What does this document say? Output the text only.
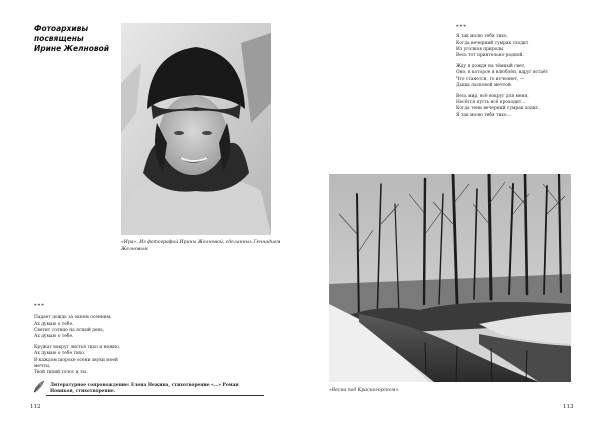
Фотоархивы
посвящены
Ирине Желновой
«Ира». Из фотографий Ирины Желновой, сделанных Геннадием Желновым
***

Падает дождь за окном осенним,
Ах думаю о тебе.
Светит солнце на ясный день,
Ах думаю о тебе.

Кружат вокруг листья тихо и нежно,
Ах думаю о тебе тихо.
В каждом шорохе осени звуки моей мечты,
Твой тихий голос и ты.

Литературное сопровождение: Елена Нежина, стихотворение «…» Роман Новиков, стихотворение.
112
***

Я так молю тебя тихо,
Когда вечерний сумрак сходит
Из уголков природы
Весь тот приятельно-родной.

Жду я дождя на тёмный свет,
Оно, в которое я влюблён, вдруг встаёт
Что станется, то исчезнет, —
Дыша ласковой мечтой.

Весь мир, всё вокруг для меня,
Несётся пусть всё проходит...
Когда тени вечерний сумрак ходит,
Я так молю тебя тихо...

«Весна под Красногорском».
113
